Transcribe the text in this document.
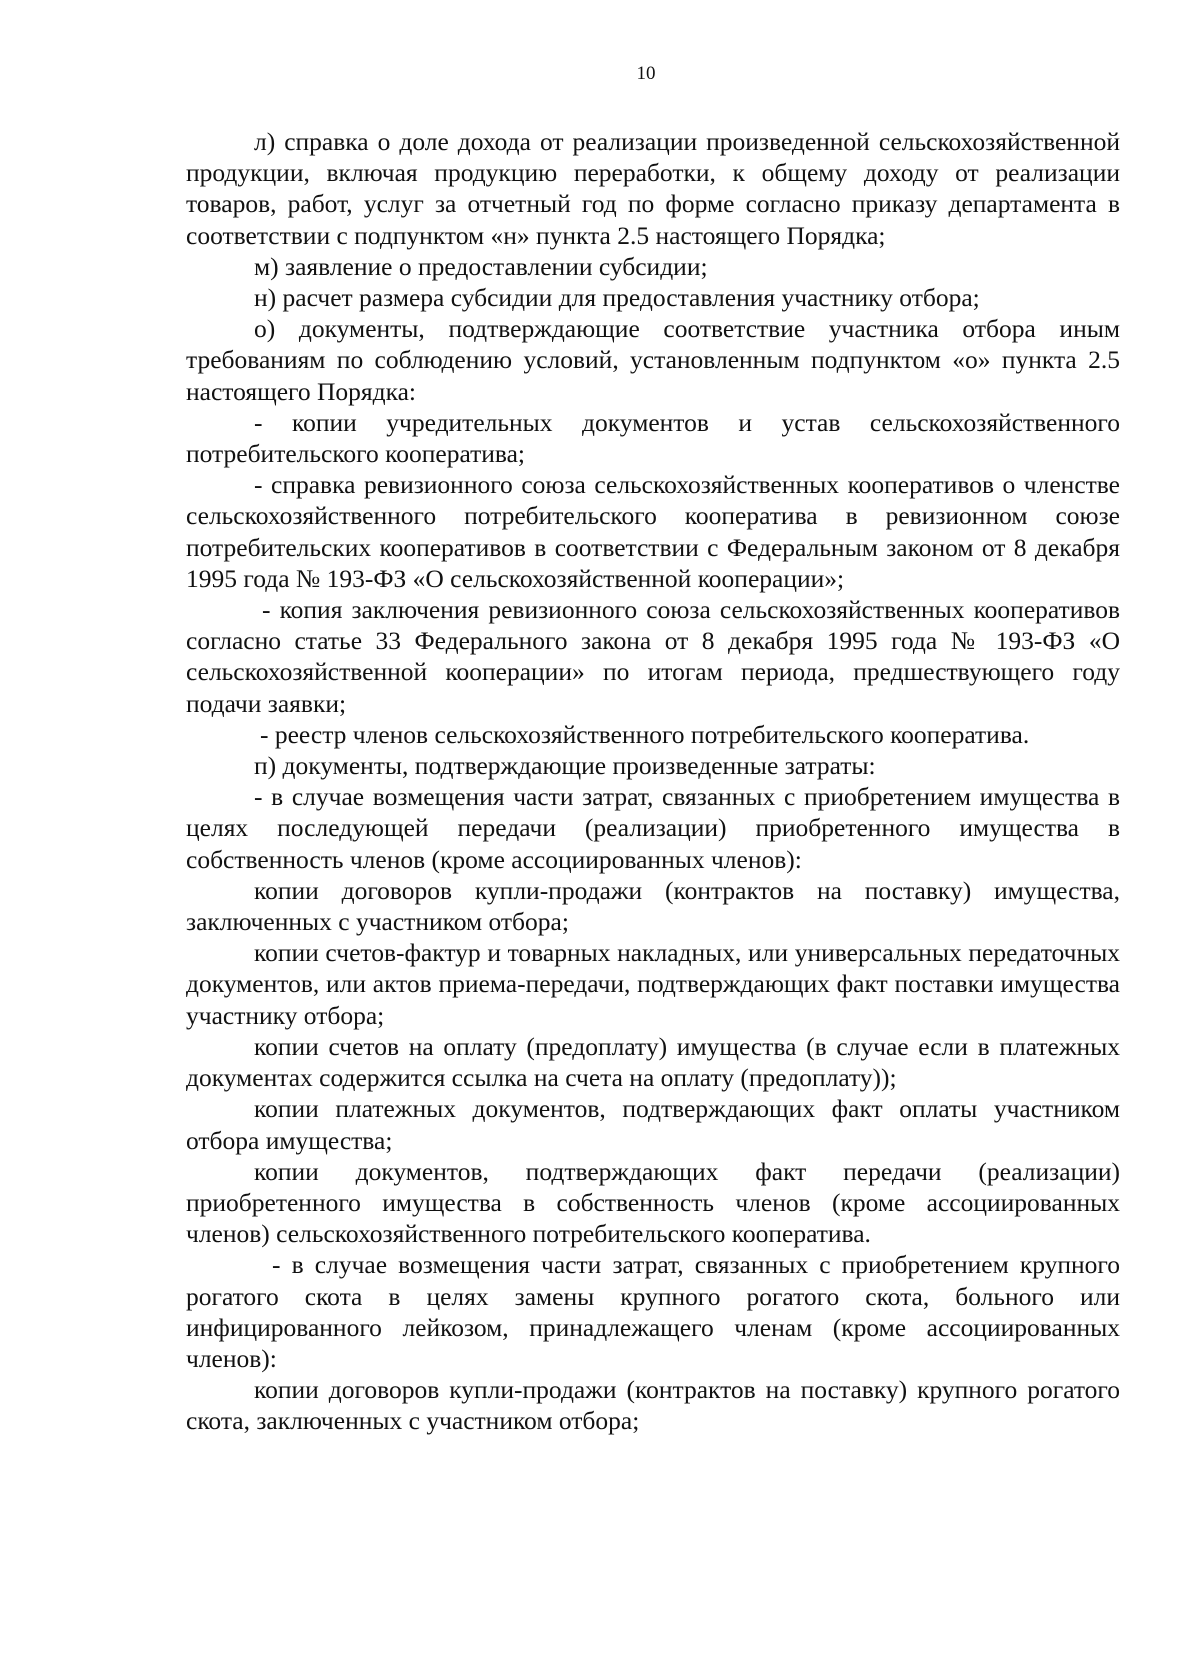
10

л) справка о доле дохода от реализации произведенной сельскохозяйственной продукции, включая продукцию переработки, к общему доходу от реализации товаров, работ, услуг за отчетный год по форме согласно приказу департамента в соответствии с подпунктом «н» пункта 2.5 настоящего Порядка;

м) заявление о предоставлении субсидии;

н) расчет размера субсидии для предоставления участнику отбора;

о) документы, подтверждающие соответствие участника отбора иным требованиям по соблюдению условий, установленным подпунктом «о» пункта 2.5 настоящего Порядка:

- копии учредительных документов и устав сельскохозяйственного потребительского кооператива;

- справка ревизионного союза сельскохозяйственных кооперативов о членстве сельскохозяйственного потребительского кооператива в ревизионном союзе потребительских кооперативов в соответствии с Федеральным законом от 8 декабря 1995 года № 193-ФЗ «О сельскохозяйственной кооперации»;

- копия заключения ревизионного союза сельскохозяйственных кооперативов согласно статье 33 Федерального закона от 8 декабря 1995 года № 193-ФЗ «О сельскохозяйственной кооперации» по итогам периода, предшествующего году подачи заявки;

- реестр членов сельскохозяйственного потребительского кооператива.

п) документы, подтверждающие произведенные затраты:

- в случае возмещения части затрат, связанных с приобретением имущества в целях последующей передачи (реализации) приобретенного имущества в собственность членов (кроме ассоциированных членов):

копии договоров купли-продажи (контрактов на поставку) имущества, заключенных с участником отбора;

копии счетов-фактур и товарных накладных, или универсальных передаточных документов, или актов приема-передачи, подтверждающих факт поставки имущества участнику отбора;

копии счетов на оплату (предоплату) имущества (в случае если в платежных документах содержится ссылка на счета на оплату (предоплату));

копии платежных документов, подтверждающих факт оплаты участником отбора имущества;

копии документов, подтверждающих факт передачи (реализации) приобретенного имущества в собственность членов (кроме ассоциированных членов) сельскохозяйственного потребительского кооператива.

- в случае возмещения части затрат, связанных с приобретением крупного рогатого скота в целях замены крупного рогатого скота, больного или инфицированного лейкозом, принадлежащего членам (кроме ассоциированных членов):

копии договоров купли-продажи (контрактов на поставку) крупного рогатого скота, заключенных с участником отбора;
